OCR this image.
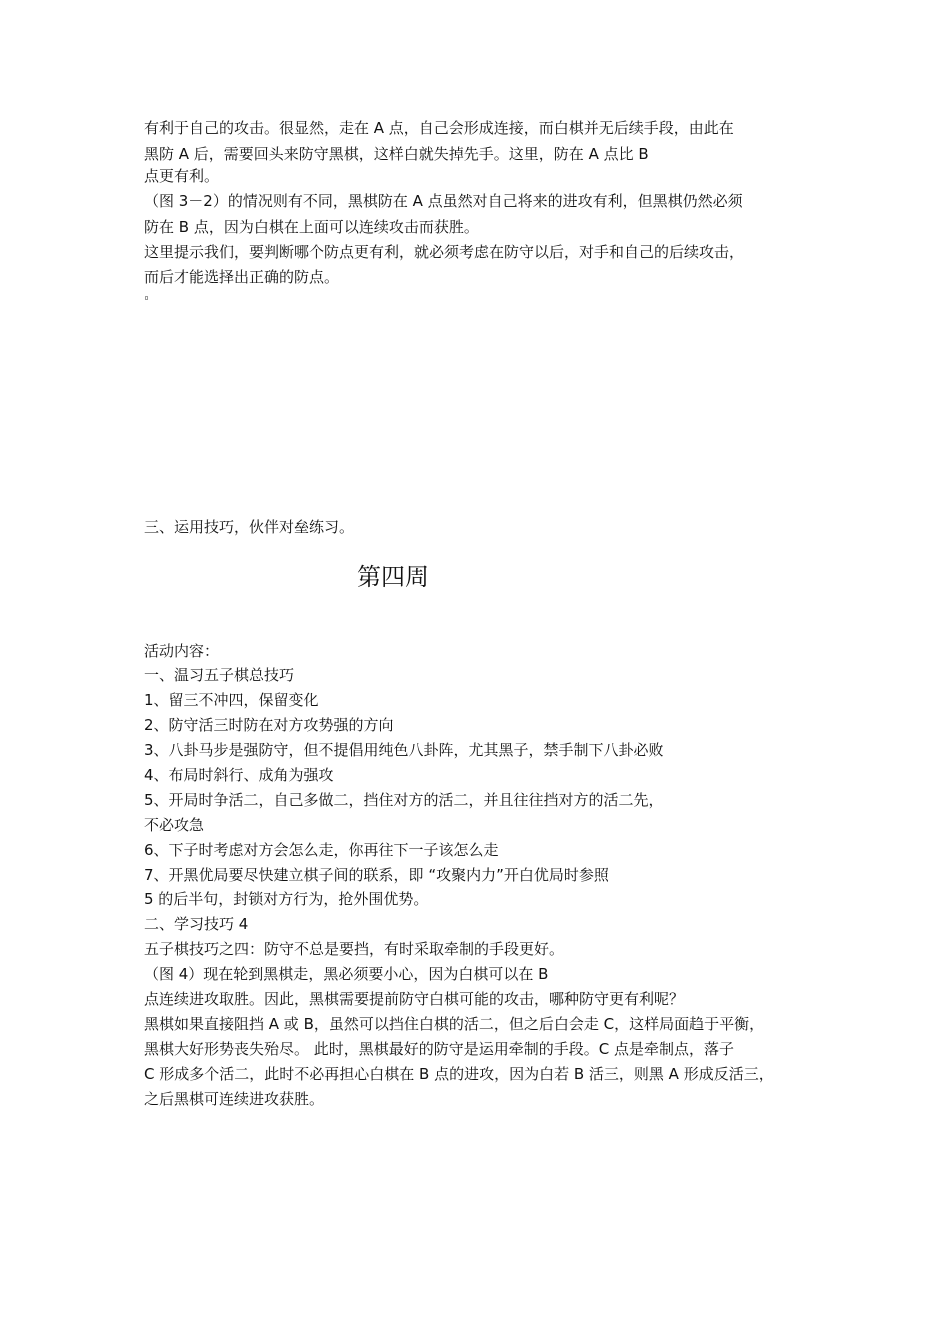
有利于自己的攻击。很显然，走在 A 点，自己会形成连接，而白棋并无后续手段，由此在
黑防 A 后，需要回头来防守黑棋，这样白就失掉先手。这里，防在 A 点比 B
点更有利。
（图 3－2）的情况则有不同，黑棋防在 A 点虽然对自己将来的进攻有利，但黑棋仍然必须
防在 B 点，因为白棋在上面可以连续攻击而获胜。
这里提示我们，要判断哪个防点更有利，就必须考虑在防守以后，对手和自己的后续攻击，
而后才能选择出正确的防点。
三、运用技巧，伙伴对垒练习。
第四周
活动内容：
一、温习五子棋总技巧
1、留三不冲四，保留变化
2、防守活三时防在对方攻势强的方向
3、八卦马步是强防守，但不提倡用纯色八卦阵，尤其黑子，禁手制下八卦必败
4、布局时斜行、成角为强攻
5、开局时争活二，自己多做二，挡住对方的活二，并且往往挡对方的活二先，
不必攻急
6、下子时考虑对方会怎么走，你再往下一子该怎么走
7、开黑优局要尽快建立棋子间的联系，即 “攻聚内力”开白优局时参照
5 的后半句，封锁对方行为，抢外围优势。
二、学习技巧 4
五子棋技巧之四：防守不总是要挡，有时采取牵制的手段更好。
（图 4）现在轮到黑棋走，黑必须要小心，因为白棋可以在 B
点连续进攻取胜。因此，黑棋需要提前防守白棋可能的攻击，哪种防守更有利呢？
黑棋如果直接阻挡 A 或 B，虽然可以挡住白棋的活二，但之后白会走 C，这样局面趋于平衡，
黑棋大好形势丧失殆尽。 此时，黑棋最好的防守是运用牵制的手段。C 点是牵制点，落子
C 形成多个活二，此时不必再担心白棋在 B 点的进攻，因为白若 B 活三，则黑 A 形成反活三，
之后黑棋可连续进攻获胜。
